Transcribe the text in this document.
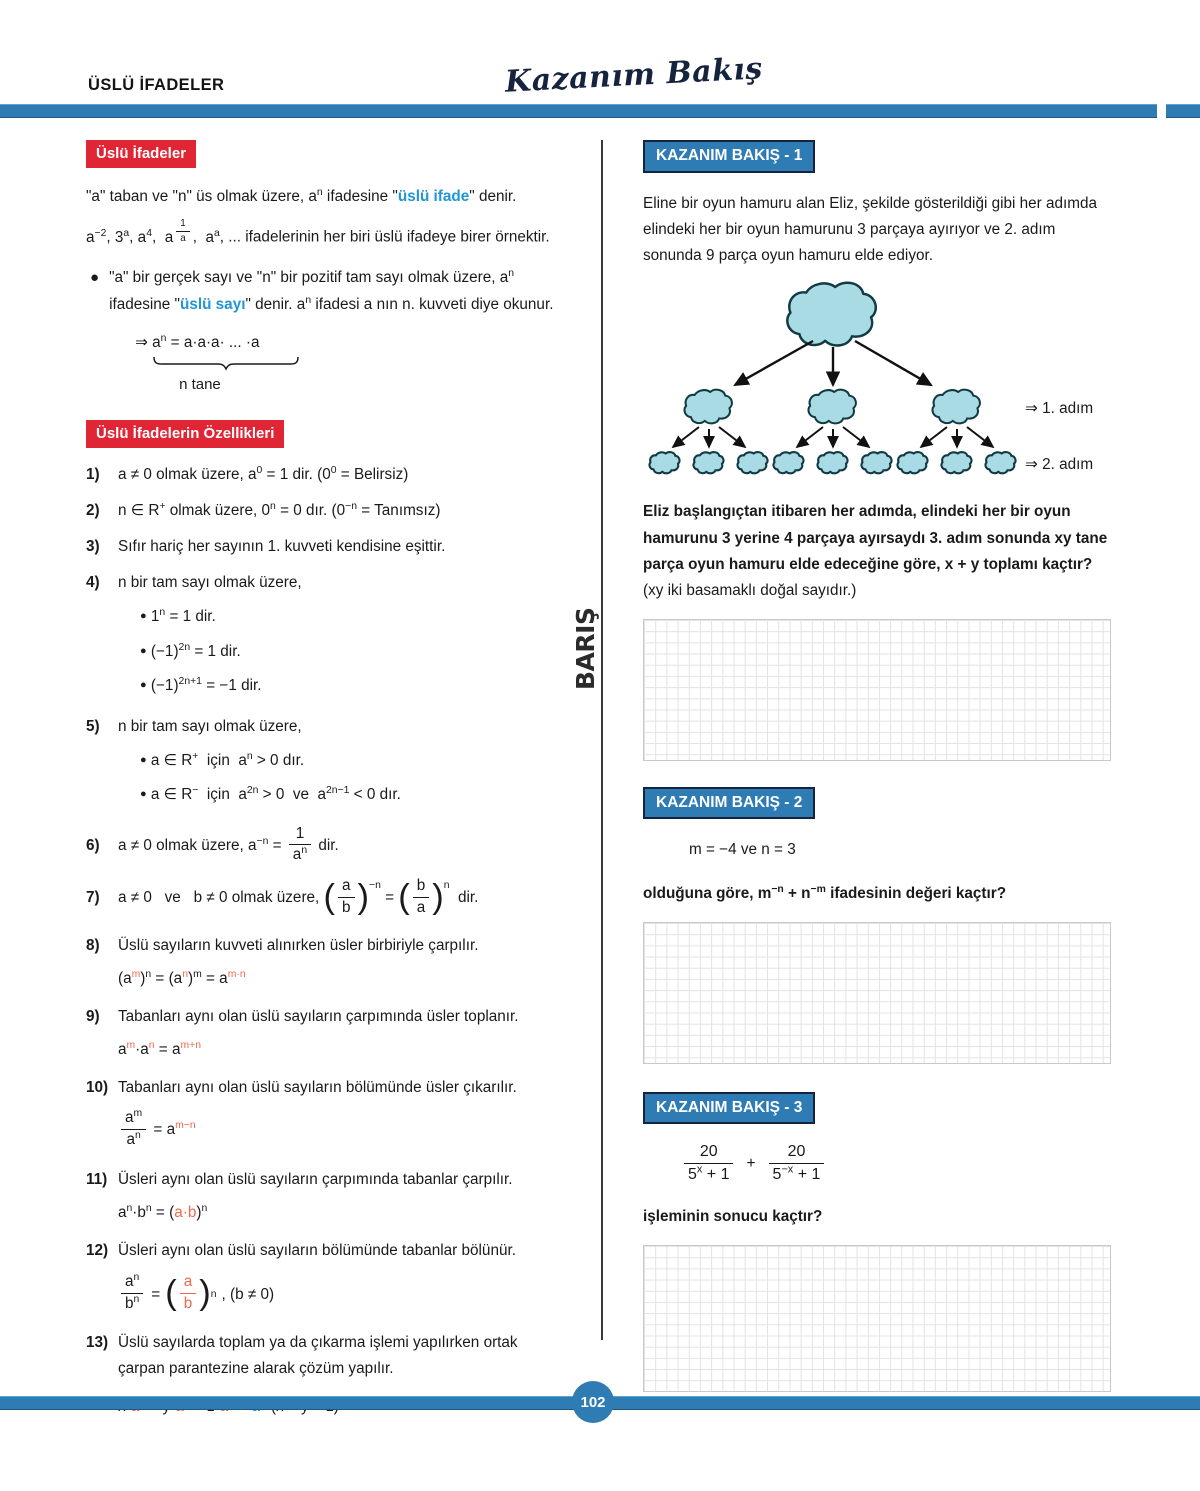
ÜSLÜ İFADELER	Kazanım Bakış
BARIŞ
Üslü İfadeler

"a" taban ve "n" üs olmak üzere, $a^n$ ifadesine "üslü ifade" denir.

$a^{-2}$, 3$^a$, $a^4$,  a $^{\frac{1}{a}}$ ,  $a^a$, ... ifadelerinin her biri üslü ifadeye birer örnektir.

● "a" bir gerçek sayı ve "n" bir pozitif tam sayı olmak üzere, $a^n$ ifadesine "üslü sayı" denir. $a^n$ ifadesi a nın n. kuvveti diye okunur.
⇒ $a^n = a\cdot a\cdot a\cdot$ ... ·a
n tane
Üslü İfadelerin Özellikleri
1)	a ≠ 0 olmak üzere, $a^0 = 1$ dir. ($0^0$ = Belirsiz)
2)	n ∈ R+ olmak üzere, $0^n = 0$ dır. ($0^{-n}$ = Tanımsız)
3)	Sıfır hariç her sayının 1. kuvveti kendisine eşittir.
4)	n bir tam sayı olmak üzere,
● $1^n = 1$ dir.
● $(-1)^{2n} = 1$ dir.
● $(-1)^{2n+1} = -1$ dir.
5)	n bir tam sayı olmak üzere,
● a ∈ R+  için  $a^n > 0$ dır.
● a ∈ R−  için  $a^{2n} > 0$  ve  $a^{2n-1} < 0$ dır.
6)	a ≠ 0 olmak üzere, $a^{-n} = \frac{1}{a^n}$ dir.
7)	a ≠ 0   ve   b ≠ 0 olmak üzere, ( $\frac{a}{b} )^{-n}$ = ( $\frac{b}{a} )^n$  dir.
8)	Üslü sayıların kuvveti alınırken üsler birbiriyle çarpılır.
$(a^m)^n = (a^n)^m = a^{m\cdot n}$
9)	Tabanları aynı olan üslü sayıların çarpımında üsler toplanır.
$a^m\cdot a^n = a^{m+n}$
10) Tabanları aynı olan üslü sayıların bölümünde üsler çıkarılır.
$\frac{a^m}{a^n} = a^{m-n}$
11) Üsleri aynı olan üslü sayıların çarpımında tabanlar çarpılır.
$a^n\cdot b^n = (a\cdot b)^n$
12) Üsleri aynı olan üslü sayıların bölümünde tabanlar bölünür.
$\frac{a^n}{b^n}$ = ( $\frac{a}{b}$ ) n , (b ≠ 0)
13) Üslü sayılarda toplam ya da çıkarma işlemi yapılırken ortak çarpan parantezine alarak çözüm yapılır.
KAZANIM BAKIŞ - 1

Eline bir oyun hamuru alan Eliz, şekilde gösterildiği gibi her adımda elindeki her bir oyun hamurunu 3 parçaya ayırıyor ve 2. adım sonunda 9 parça oyun hamuru elde ediyor.

⇒ 1. adım
⇒ 2. adım

Eliz başlangıçtan itibaren her adımda, elindeki her bir oyun hamurunu 3 yerine 4 parçaya ayırsaydı 3. adım sonunda xy tane parça oyun hamuru elde edeceğine göre, x + y toplamı kaçtır? (xy iki basamaklı doğal sayıdır.)

KAZANIM BAKIŞ - 2

m = −4 ve n = 3

olduğuna göre, $m^{-n} + n^{-m}$ ifadesinin değeri kaçtır?

KAZANIM BAKIŞ - 3
$\frac{20}{5^x + 1} + \frac{20}{5^{-x} + 1}$

işleminin sonucu kaçtır?

102
